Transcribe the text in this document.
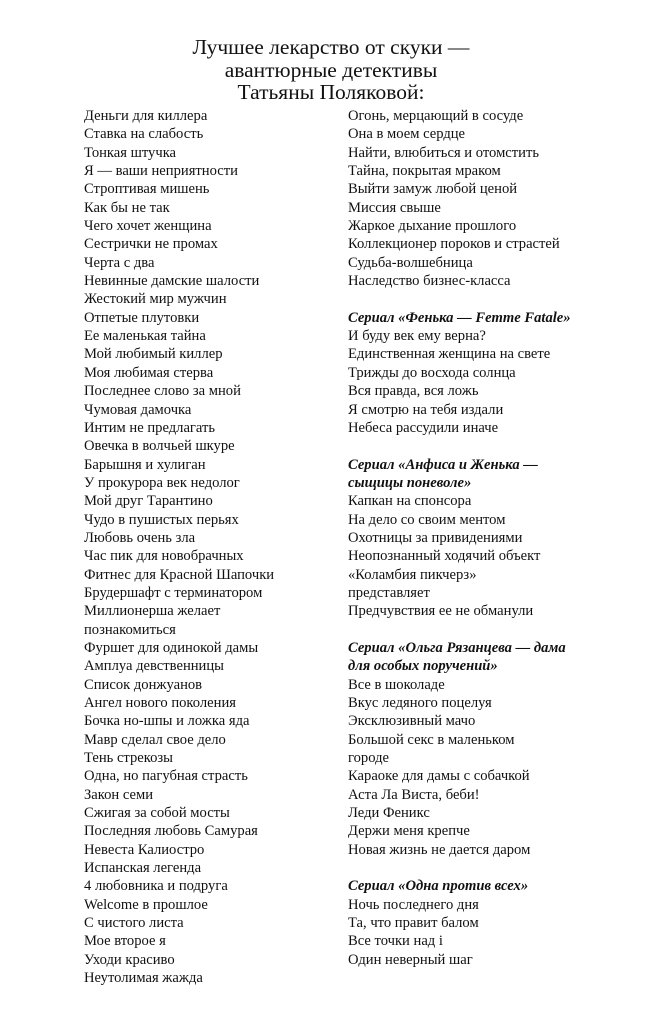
Лучшее лекарство от скуки —
авантюрные детективы
Татьяны Поляковой:
Деньги для киллера
Ставка на слабость
Тонкая штучка
Я — ваши неприятности
Строптивая мишень
Как бы не так
Чего хочет женщина
Сестрички не промах
Черта с два
Невинные дамские шалости
Жестокий мир мужчин
Отпетые плутовки
Ее маленькая тайна
Мой любимый киллер
Моя любимая стерва
Последнее слово за мной
Чумовая дамочка
Интим не предлагать
Овечка в волчьей шкуре
Барышня и хулиган
У прокурора век недолог
Мой друг Тарантино
Чудо в пушистых перьях
Любовь очень зла
Час пик для новобрачных
Фитнес для Красной Шапочки
Брудершафт с терминатором
Миллионерша желает
познакомиться
Фуршет для одинокой дамы
Амплуа девственницы
Список донжуанов
Ангел нового поколения
Бочка но-шпы и ложка яда
Мавр сделал свое дело
Тень стрекозы
Одна, но пагубная страсть
Закон семи
Сжигая за собой мосты
Последняя любовь Самурая
Невеста Калиостро
Испанская легенда
4 любовника и подруга
Welcome в прошлое
С чистого листа
Мое второе я
Уходи красиво
Неутолимая жажда
Огонь, мерцающий в сосуде
Она в моем сердце
Найти, влюбиться и отомстить
Тайна, покрытая мраком
Выйти замуж любой ценой
Миссия свыше
Жаркое дыхание прошлого
Коллекционер пороков и страстей
Судьба-волшебница
Наследство бизнес-класса
Сериал «Фенька — Femme Fatale»
И буду век ему верна?
Единственная женщина на свете
Трижды до восхода солнца
Вся правда, вся ложь
Я смотрю на тебя издали
Небеса рассудили иначе
Сериал «Анфиса и Женька —
сыщицы поневоле»
Капкан на спонсора
На дело со своим ментом
Охотницы за привидениями
Неопознанный ходячий объект
«Коламбия пикчерз»
представляет
Предчувствия ее не обманули
Сериал «Ольга Рязанцева — дама
для особых поручений»
Все в шоколаде
Вкус ледяного поцелуя
Эксклюзивный мачо
Большой секс в маленьком
городе
Караоке для дамы с собачкой
Аста Ла Виста, беби!
Леди Феникс
Держи меня крепче
Новая жизнь не дается даром
Сериал «Одна против всех»
Ночь последнего дня
Та, что правит балом
Все точки над i
Один неверный шаг
